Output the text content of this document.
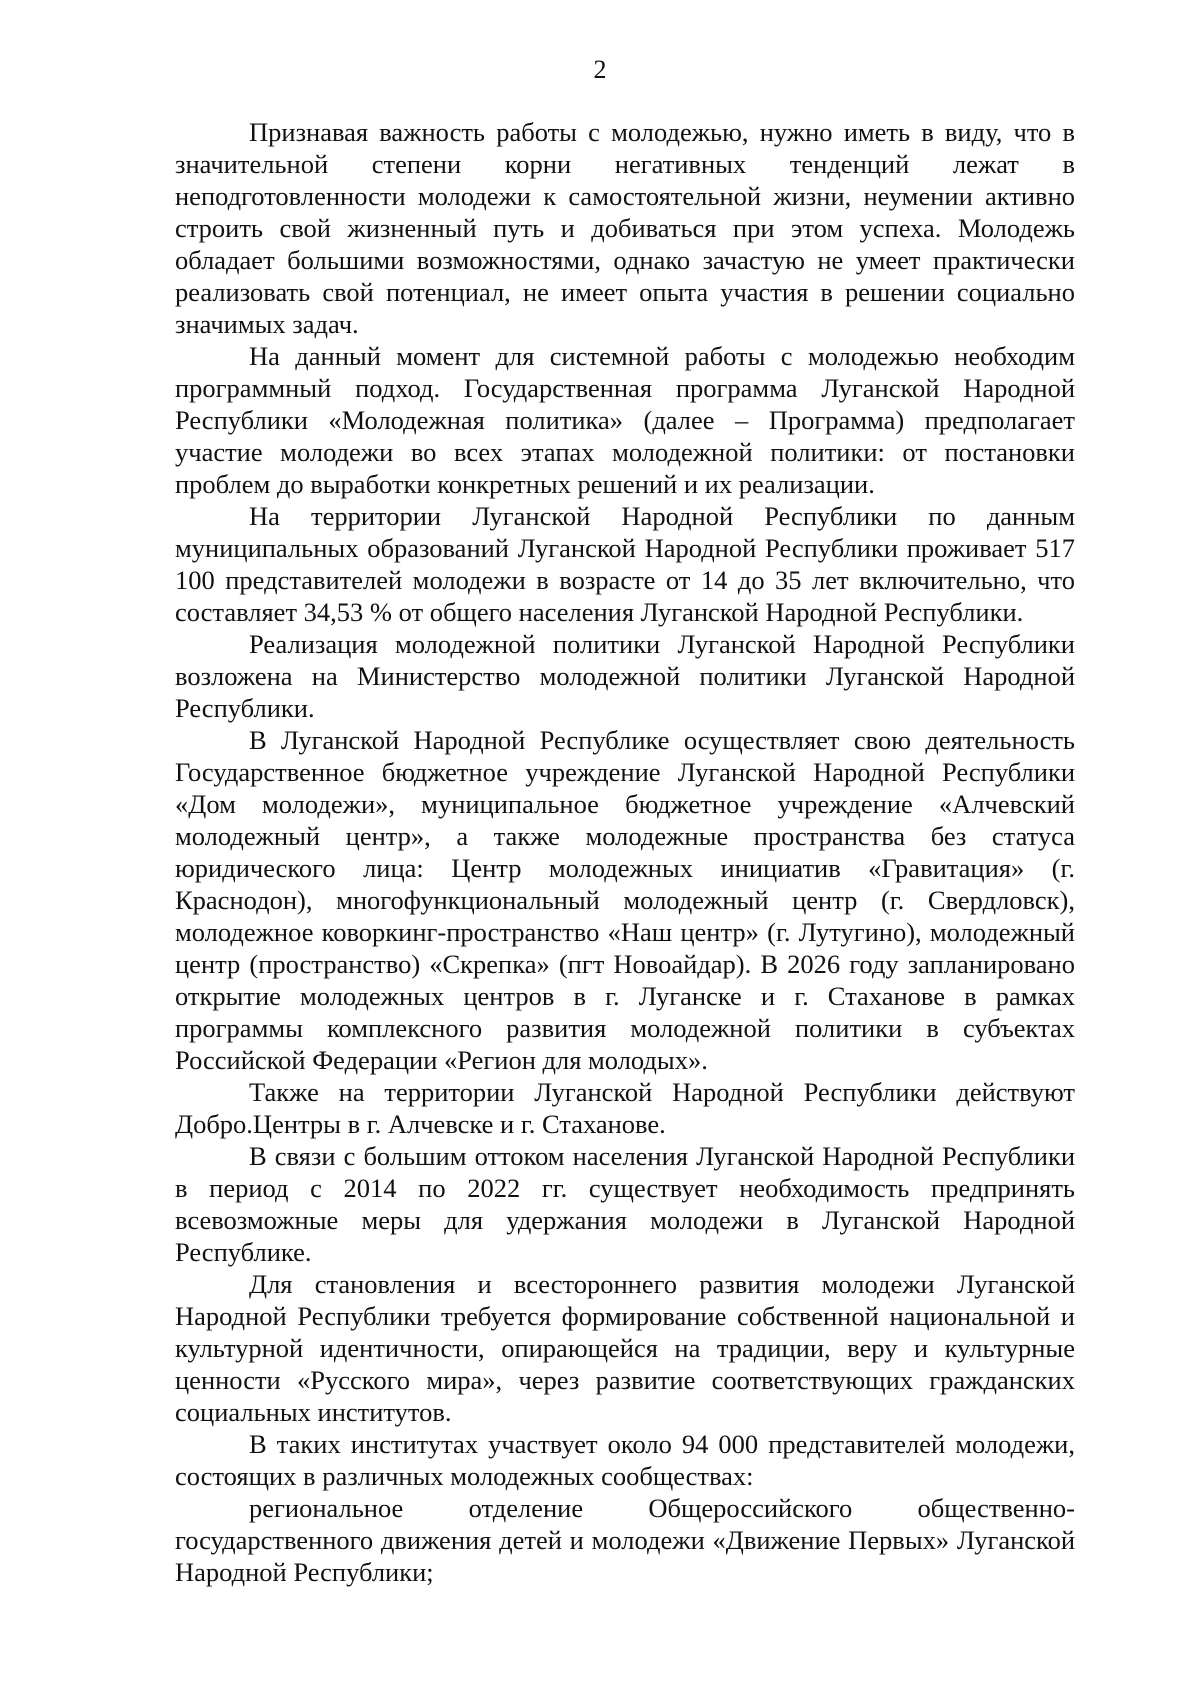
2

Признавая важность работы с молодежью, нужно иметь в виду, что в значительной степени корни негативных тенденций лежат в неподготовленности молодежи к самостоятельной жизни, неумении активно строить свой жизненный путь и добиваться при этом успеха. Молодежь обладает большими возможностями, однако зачастую не умеет практически реализовать свой потенциал, не имеет опыта участия в решении социально значимых задач.

На данный момент для системной работы с молодежью необходим программный подход. Государственная программа Луганской Народной Республики «Молодежная политика» (далее – Программа) предполагает участие молодежи во всех этапах молодежной политики: от постановки проблем до выработки конкретных решений и их реализации.

На территории Луганской Народной Республики по данным муниципальных образований Луганской Народной Республики проживает 517 100 представителей молодежи в возрасте от 14 до 35 лет включительно, что составляет 34,53 % от общего населения Луганской Народной Республики.

Реализация молодежной политики Луганской Народной Республики возложена на Министерство молодежной политики Луганской Народной Республики.

В Луганской Народной Республике осуществляет свою деятельность Государственное бюджетное учреждение Луганской Народной Республики «Дом молодежи», муниципальное бюджетное учреждение «Алчевский молодежный центр», а также молодежные пространства без статуса юридического лица: Центр молодежных инициатив «Гравитация» (г. Краснодон), многофункциональный молодежный центр (г. Свердловск), молодежное коворкинг-пространство «Наш центр» (г. Лутугино), молодежный центр (пространство) «Скрепка» (пгт Новоайдар). В 2026 году запланировано открытие молодежных центров в г. Луганске и г. Стаханове в рамках программы комплексного развития молодежной политики в субъектах Российской Федерации «Регион для молодых».

Также на территории Луганской Народной Республики действуют Добро.Центры в г. Алчевске и г. Стаханове.

В связи с большим оттоком населения Луганской Народной Республики в период с 2014 по 2022 гг. существует необходимость предпринять всевозможные меры для удержания молодежи в Луганской Народной Республике.

Для становления и всестороннего развития молодежи Луганской Народной Республики требуется формирование собственной национальной и культурной идентичности, опирающейся на традиции, веру и культурные ценности «Русского мира», через развитие соответствующих гражданских социальных институтов.

В таких институтах участвует около 94 000 представителей молодежи, состоящих в различных молодежных сообществах:

региональное отделение Общероссийского общественно-государственного движения детей и молодежи «Движение Первых» Луганской Народной Республики;
